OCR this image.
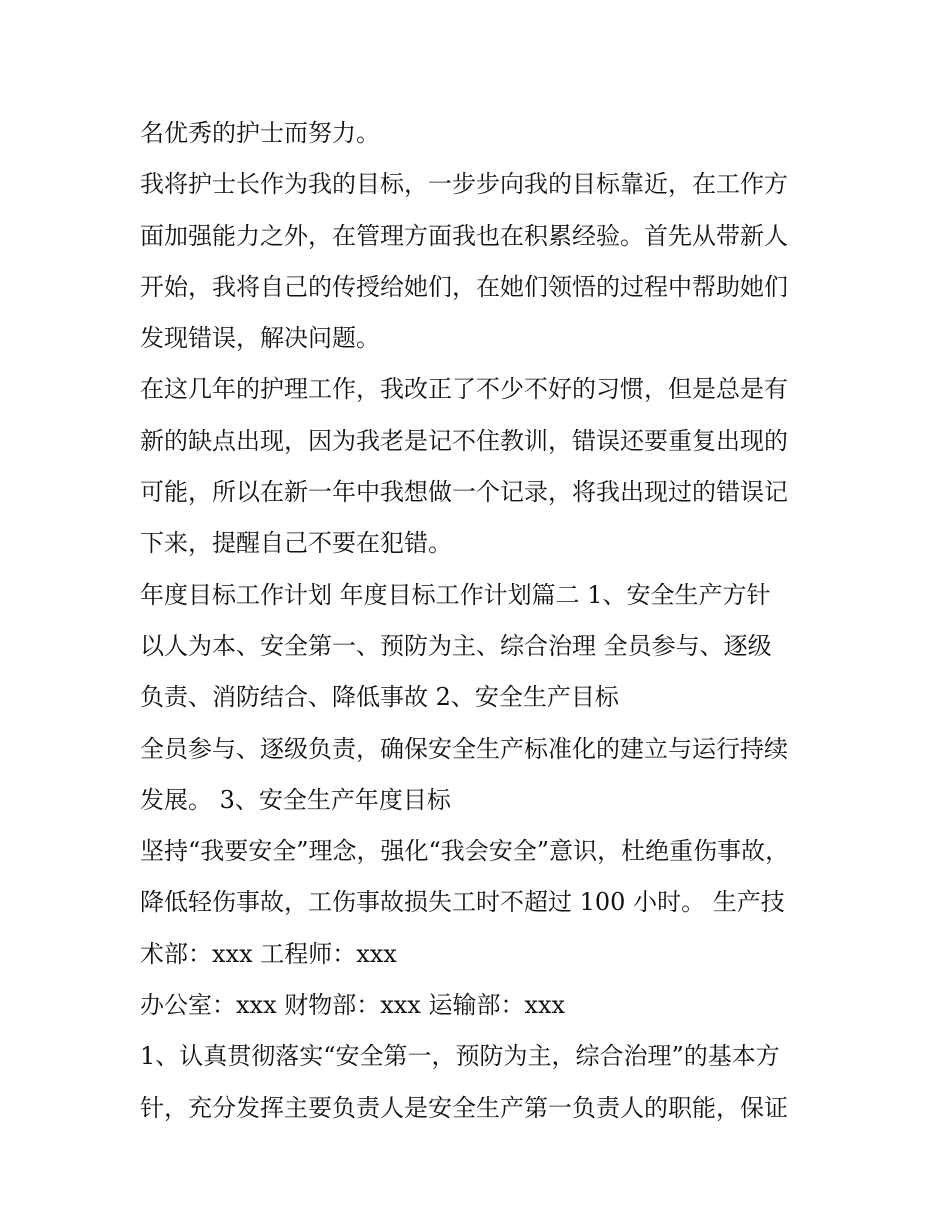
名优秀的护士而努力。
我将护士长作为我的目标，一步步向我的目标靠近，在工作方
面加强能力之外，在管理方面我也在积累经验。首先从带新人
开始，我将自己的传授给她们，在她们领悟的过程中帮助她们
发现错误，解决问题。
在这几年的护理工作，我改正了不少不好的习惯，但是总是有
新的缺点出现，因为我老是记不住教训，错误还要重复出现的
可能，所以在新一年中我想做一个记录，将我出现过的错误记
下来，提醒自己不要在犯错。
年度目标工作计划 年度目标工作计划篇二 1、安全生产方针
以人为本、安全第一、预防为主、综合治理 全员参与、逐级
负责、消防结合、降低事故 2、安全生产目标
全员参与、逐级负责，确保安全生产标准化的建立与运行持续
发展。 3、安全生产年度目标
坚持“我要安全”理念，强化“我会安全”意识，杜绝重伤事故，
降低轻伤事故，工伤事故损失工时不超过 100 小时。 生产技
术部：xxx 工程师：xxx
办公室：xxx 财物部：xxx 运输部：xxx
1、认真贯彻落实“安全第一，预防为主，综合治理”的基本方
针，充分发挥主要负责人是安全生产第一负责人的职能，保证
